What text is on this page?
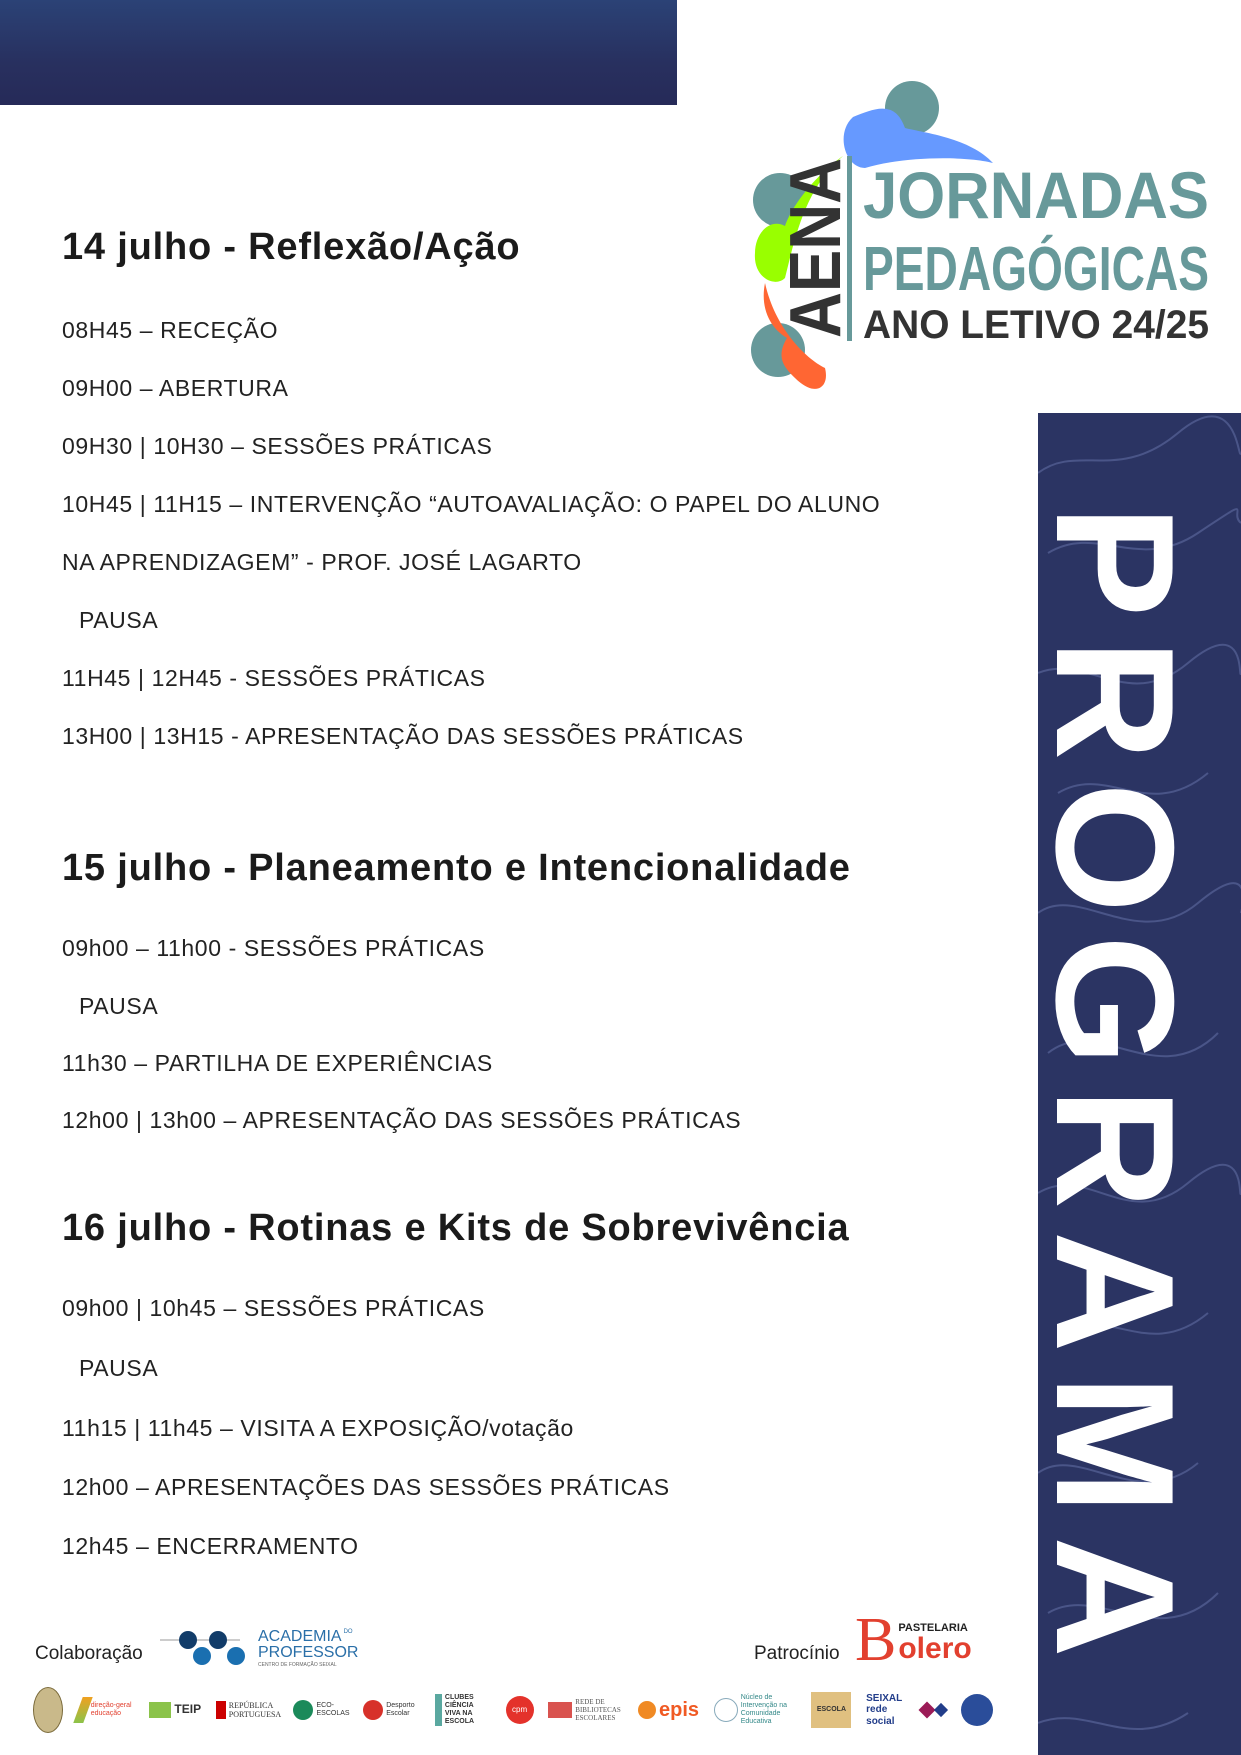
AENA JORNADAS
PEDAGÓGICAS
ANO LETIVO 24/25
PROGRAMA
14 julho - Reflexão/Ação
08H45 – RECEÇÃO
09H00 – ABERTURA
09H30 | 10H30 – SESSÕES PRÁTICAS
10H45 | 11H15 – INTERVENÇÃO “AUTOAVALIAÇÃO: O PAPEL DO ALUNO
NA APRENDIZAGEM” - PROF. JOSÉ LAGARTO
PAUSA
11H45 | 12H45 - SESSÕES PRÁTICAS
13H00 | 13H15 - APRESENTAÇÃO DAS SESSÕES PRÁTICAS
15 julho - Planeamento e Intencionalidade
09h00 – 11h00 - SESSÕES PRÁTICAS
PAUSA
11h30 – PARTILHA DE EXPERIÊNCIAS
12h00 | 13h00 – APRESENTAÇÃO DAS SESSÕES PRÁTICAS
16 julho - Rotinas e Kits de Sobrevivência
09h00 | 10h45 – SESSÕES PRÁTICAS
PAUSA
11h15 | 11h45 – VISITA A EXPOSIÇÃO/votação
12h00 – APRESENTAÇÕES DAS SESSÕES PRÁTICAS
12h45 – ENCERRAMENTO
Colaboração
ACADEMIA $^{DO}$
PROFESSOR
CENTRO DE FORMAÇÃO SEIXAL
Patrocínio B PASTELARIA
olero
direção-geral educação	TEIP	REPÚBLICA PORTUGUESA
ECO-ESCOLAS
Desporto Escolar
CLUBES CIÊNCIA VIVA NA ESCOLA
cpm
REDE DE BIBLIOTECAS ESCOLARES	epis
Núcleo de Intervenção na Comunidade Educativa
ESCOLA
SEIXAL rede social
